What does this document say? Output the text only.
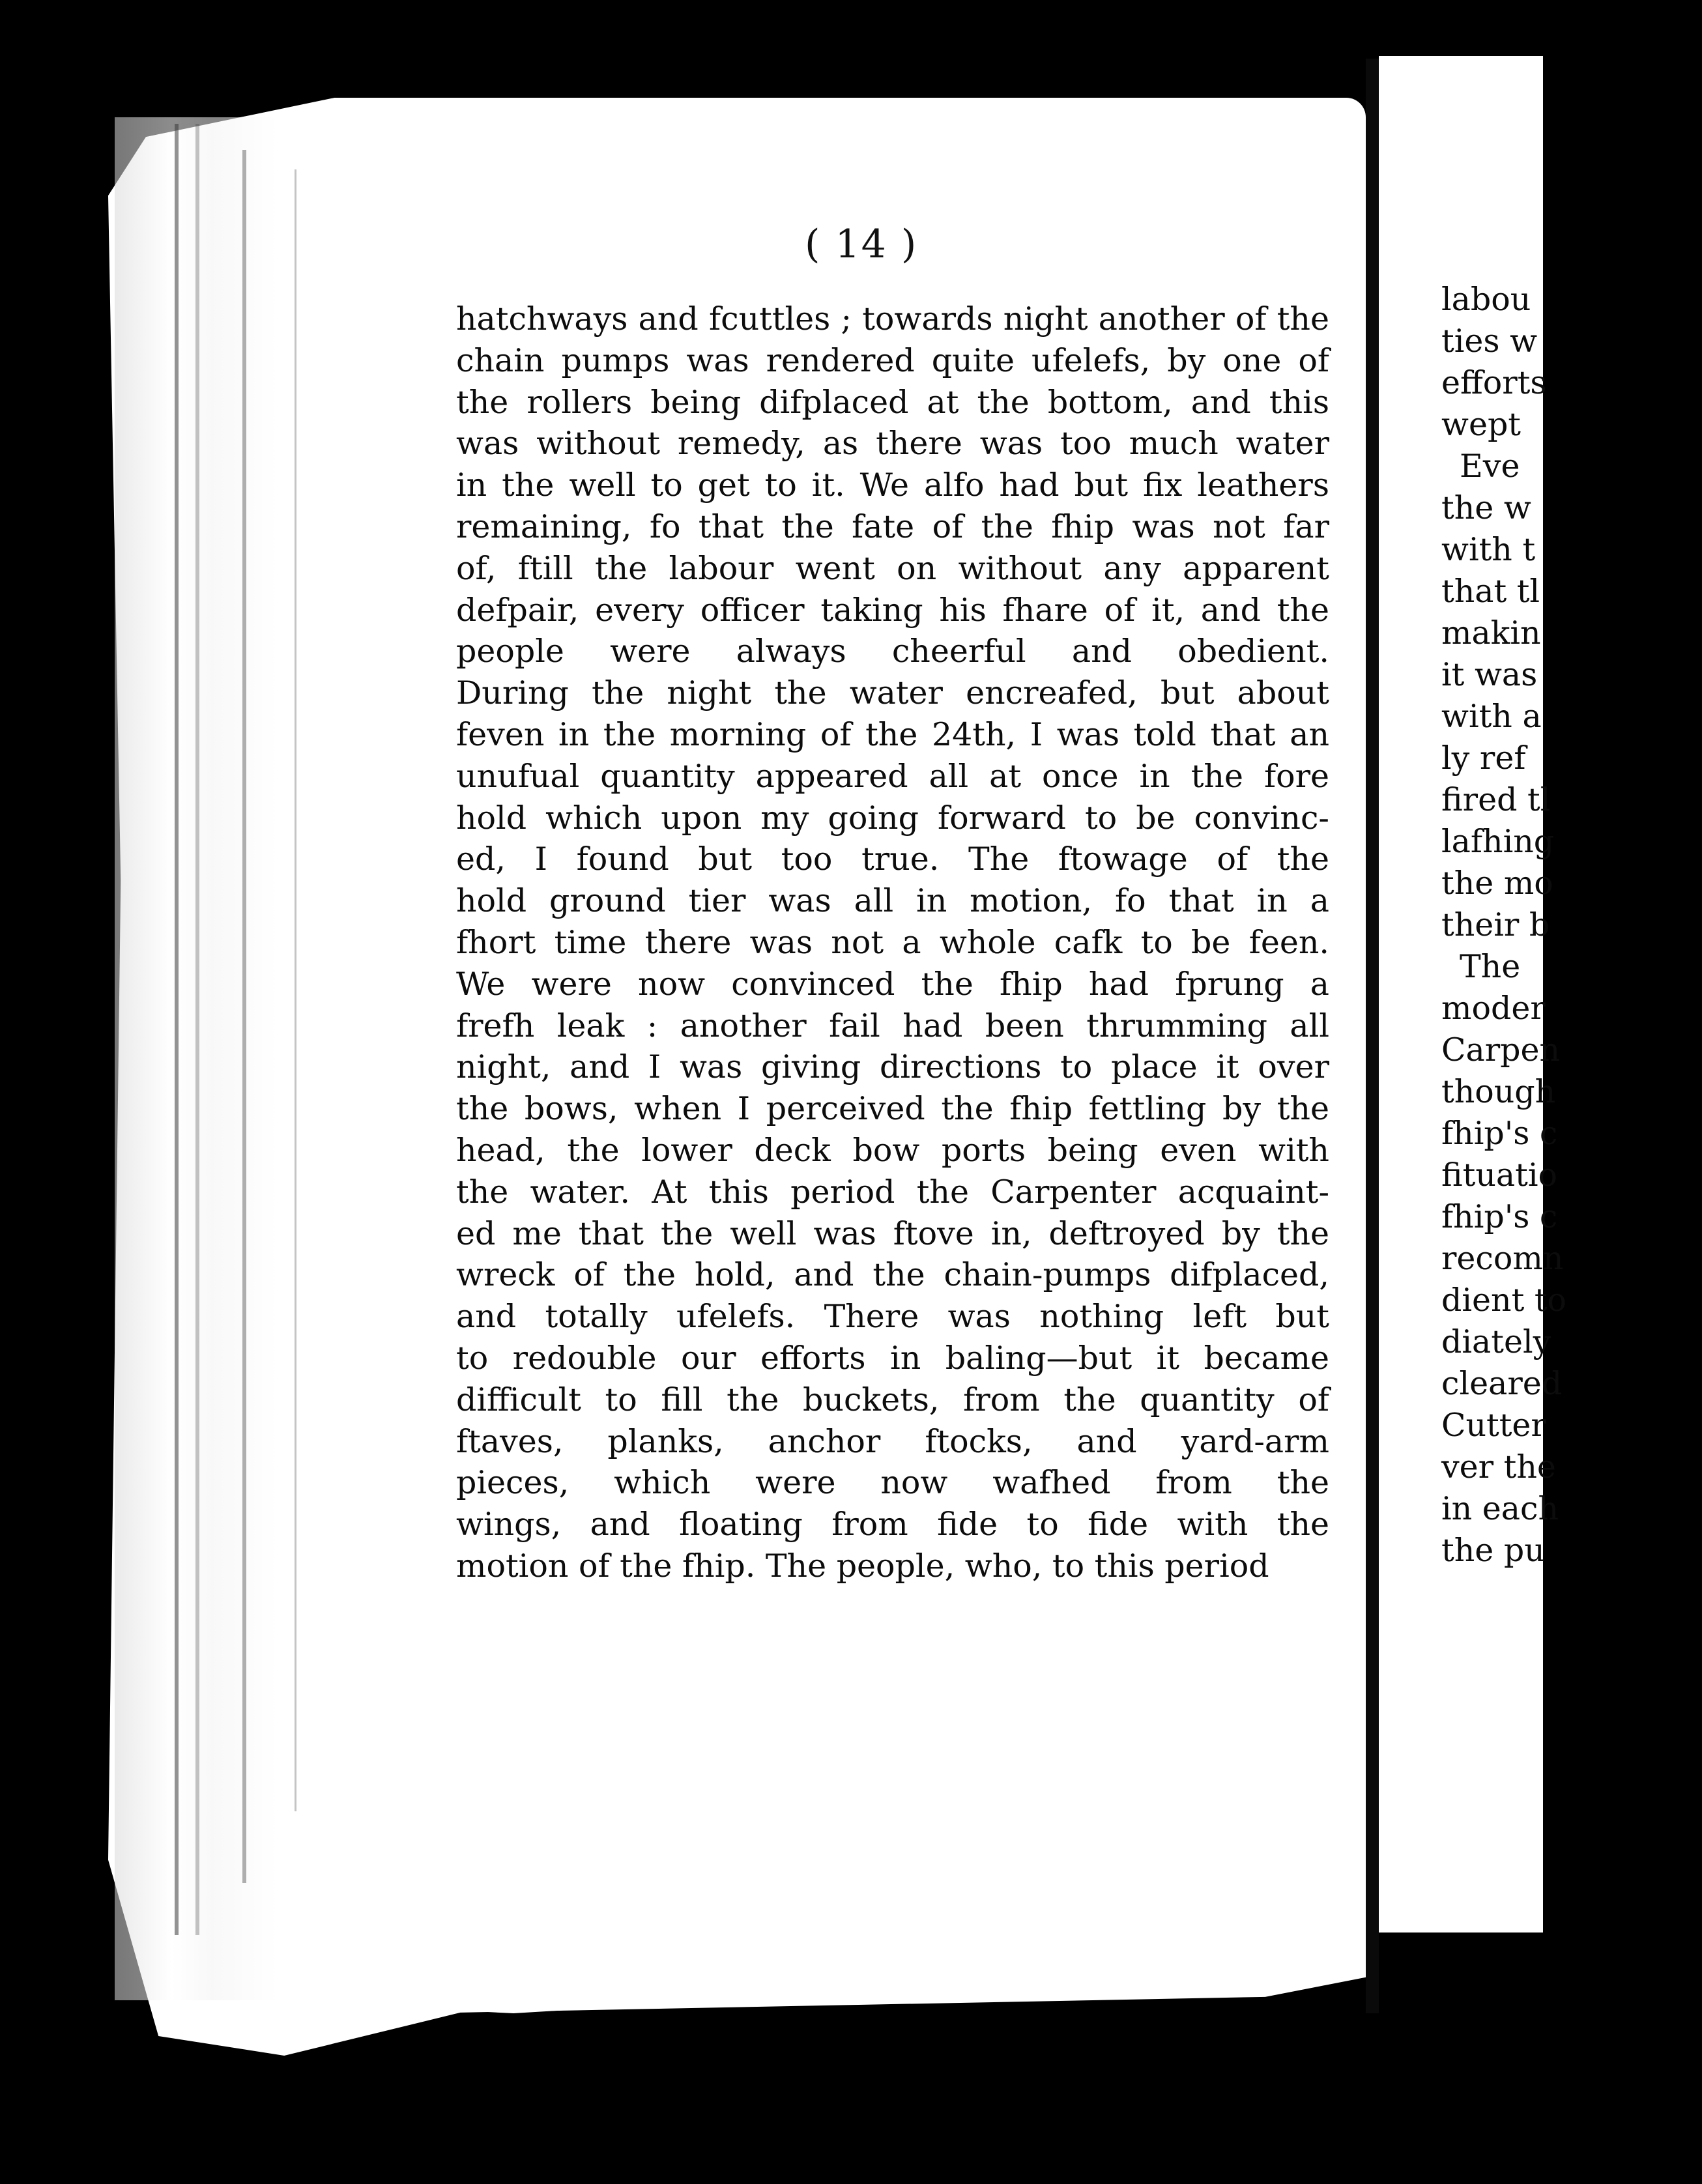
( 14 )
hatchways and fcuttles ; towards night another of the
chain pumps was rendered quite ufelefs, by one of
the rollers being difplaced at the bottom, and this
was without remedy, as there was too much water
in the well to get to it. We alfo had but fix leathers
remaining, fo that the fate of the fhip was not far
of, ftill the labour went on without any apparent
defpair, every officer taking his fhare of it, and the
people were always cheerful and obedient.
During the night the water encreafed, but about
feven in the morning of the 24th, I was told that an
unufual quantity appeared all at once in the fore
hold which upon my going forward to be convinc-
ed, I found but too true. The ftowage of the
hold ground tier was all in motion, fo that in a
fhort time there was not a whole cafk to be feen.
We were now convinced the fhip had fprung a
frefh leak : another fail had been thrumming all
night, and I was giving directions to place it over
the bows, when I perceived the fhip fettling by the
head, the lower deck bow ports being even with
the water. At this period the Carpenter acquaint-
ed me that the well was ftove in, deftroyed by the
wreck of the hold, and the chain-pumps difplaced,
and totally ufelefs. There was nothing left but
to redouble our efforts in baling—but it became
difficult to fill the buckets, from the quantity of
ftaves, planks, anchor ftocks, and yard-arm
pieces, which were now wafhed from the
wings, and floating from fide to fide with the
motion of the fhip. The people, who, to this period
labou
ties w
efforts
wept
Eve
the w
with t
that tl
makin
it was
with a
ly ref
fired tl
lafhing
the mo
their b
The
moder
Carpen
though
fhip's c
fituatio
fhip's c
recomn
dient to
diately
cleared
Cutter
ver the
in each
the pu
